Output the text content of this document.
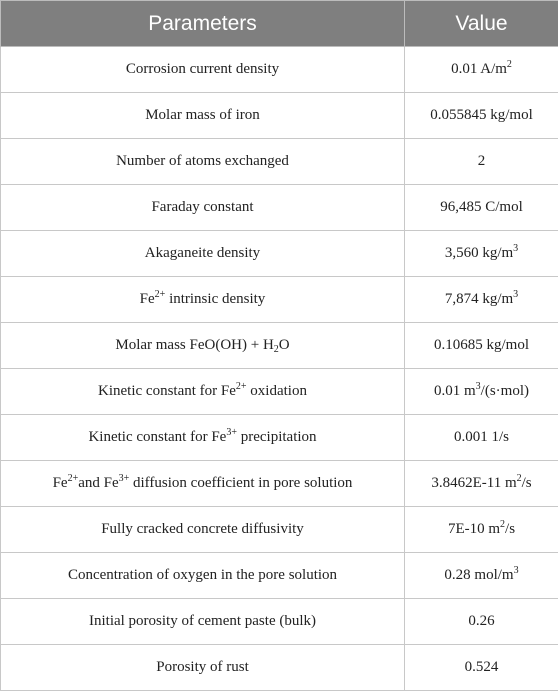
Parameters	Value
Corrosion current density	0.01 $A/m^2$
Molar mass of iron	0.055845 kg/mol
Number of atoms exchanged	2
Faraday constant	96,485 C/mol
Akaganeite density	3,560 $kg/m^3$
$Fe^{2+}$ intrinsic density	7,874 $kg/m^3$
Molar mass $FeO(OH) + H_2O$	0.10685 kg/mol
Kinetic constant for $Fe^{2+}$ oxidation	0.01 $m^3/(s\cdot mol)$
Kinetic constant for $Fe^{3+}$ precipitation	0.001 1/s
$Fe^{2+}and$ $Fe^{3+}$ diffusion coefficient in pore solution	3.8462E-11 $m^2/s$
Fully cracked concrete diffusivity	7E-10 $m^2/s$
Concentration of oxygen in the pore solution	0.28 mol/$m^3$
Initial porosity of cement paste (bulk)	0.26
Porosity of rust	0.524
